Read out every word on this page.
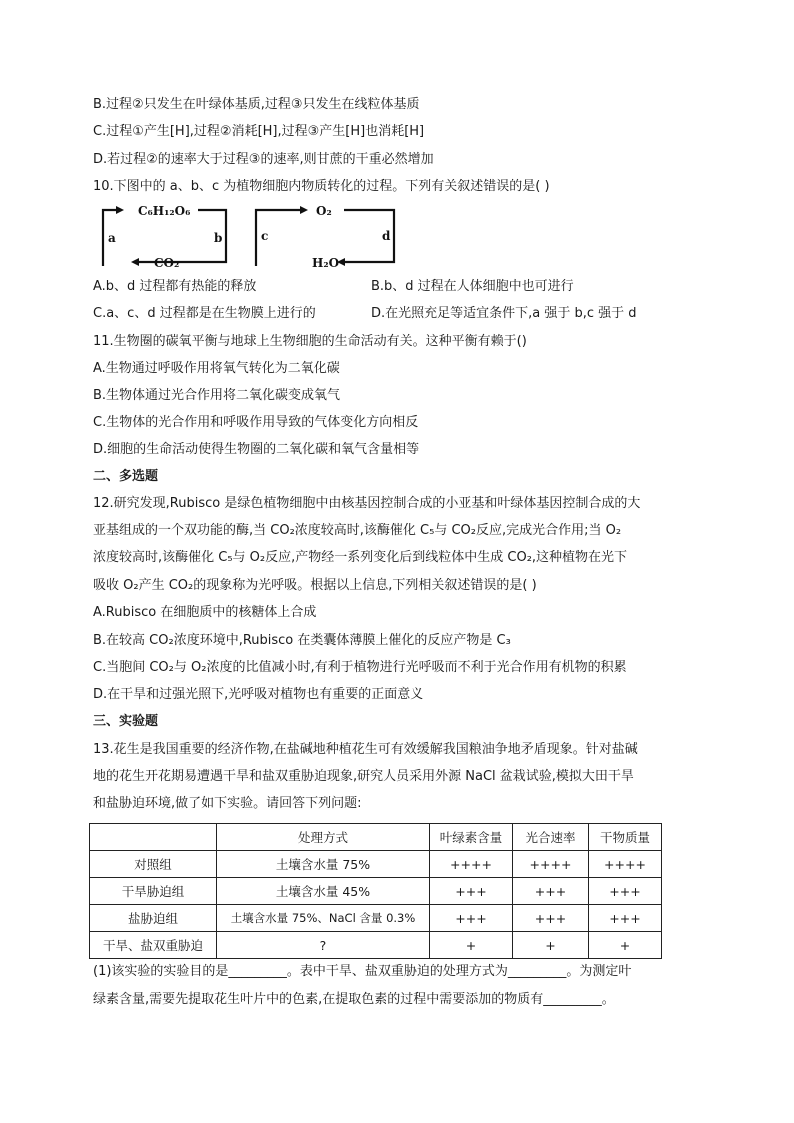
B.过程②只发生在叶绿体基质,过程③只发生在线粒体基质
C.过程①产生[H],过程②消耗[H],过程③产生[H]也消耗[H]
D.若过程②的速率大于过程③的速率,则甘蔗的干重必然增加
10.下图中的 a、b、c 为植物细胞内物质转化的过程。下列有关叙述错误的是( )
C₆H₁₂O₆
CO₂
a	b
O₂
H₂O
c	d
A.b、d 过程都有热能的释放	B.b、d 过程在人体细胞中也可进行
C.a、c、d 过程都是在生物膜上进行的	D.在光照充足等适宜条件下,a 强于 b,c 强于 d
11.生物圈的碳氧平衡与地球上生物细胞的生命活动有关。这种平衡有赖于()
A.生物通过呼吸作用将氧气转化为二氧化碳
B.生物体通过光合作用将二氧化碳变成氧气
C.生物体的光合作用和呼吸作用导致的气体变化方向相反
D.细胞的生命活动使得生物圈的二氧化碳和氧气含量相等
二、多选题
12.研究发现,Rubisco 是绿色植物细胞中由核基因控制合成的小亚基和叶绿体基因控制合成的大
亚基组成的一个双功能的酶,当 CO₂浓度较高时,该酶催化 C₅与 CO₂反应,完成光合作用;当 O₂
浓度较高时,该酶催化 C₅与 O₂反应,产物经一系列变化后到线粒体中生成 CO₂,这种植物在光下
吸收 O₂产生 CO₂的现象称为光呼吸。根据以上信息,下列相关叙述错误的是( )
A.Rubisco 在细胞质中的核糖体上合成
B.在较高 CO₂浓度环境中,Rubisco 在类囊体薄膜上催化的反应产物是 C₃
C.当胞间 CO₂与 O₂浓度的比值减小时,有利于植物进行光呼吸而不利于光合作用有机物的积累
D.在干旱和过强光照下,光呼吸对植物也有重要的正面意义
三、实验题
13.花生是我国重要的经济作物,在盐碱地种植花生可有效缓解我国粮油争地矛盾现象。针对盐碱
地的花生开花期易遭遇干旱和盐双重胁迫现象,研究人员采用外源 NaCl 盆栽试验,模拟大田干旱
和盐胁迫环境,做了如下实验。请回答下列问题:
	处理方式	叶绿素含量	光合速率	干物质量
对照组	土壤含水量 75%	++++	++++	++++
干旱胁迫组	土壤含水量 45%	+++	+++	+++
盐胁迫组	土壤含水量 75%、NaCl 含量 0.3%	+++	+++	+++
干旱、盐双重胁迫	?	+	+	+
(1)该实验的实验目的是_________。表中干旱、盐双重胁迫的处理方式为_________。为测定叶
绿素含量,需要先提取花生叶片中的色素,在提取色素的过程中需要添加的物质有_________。
